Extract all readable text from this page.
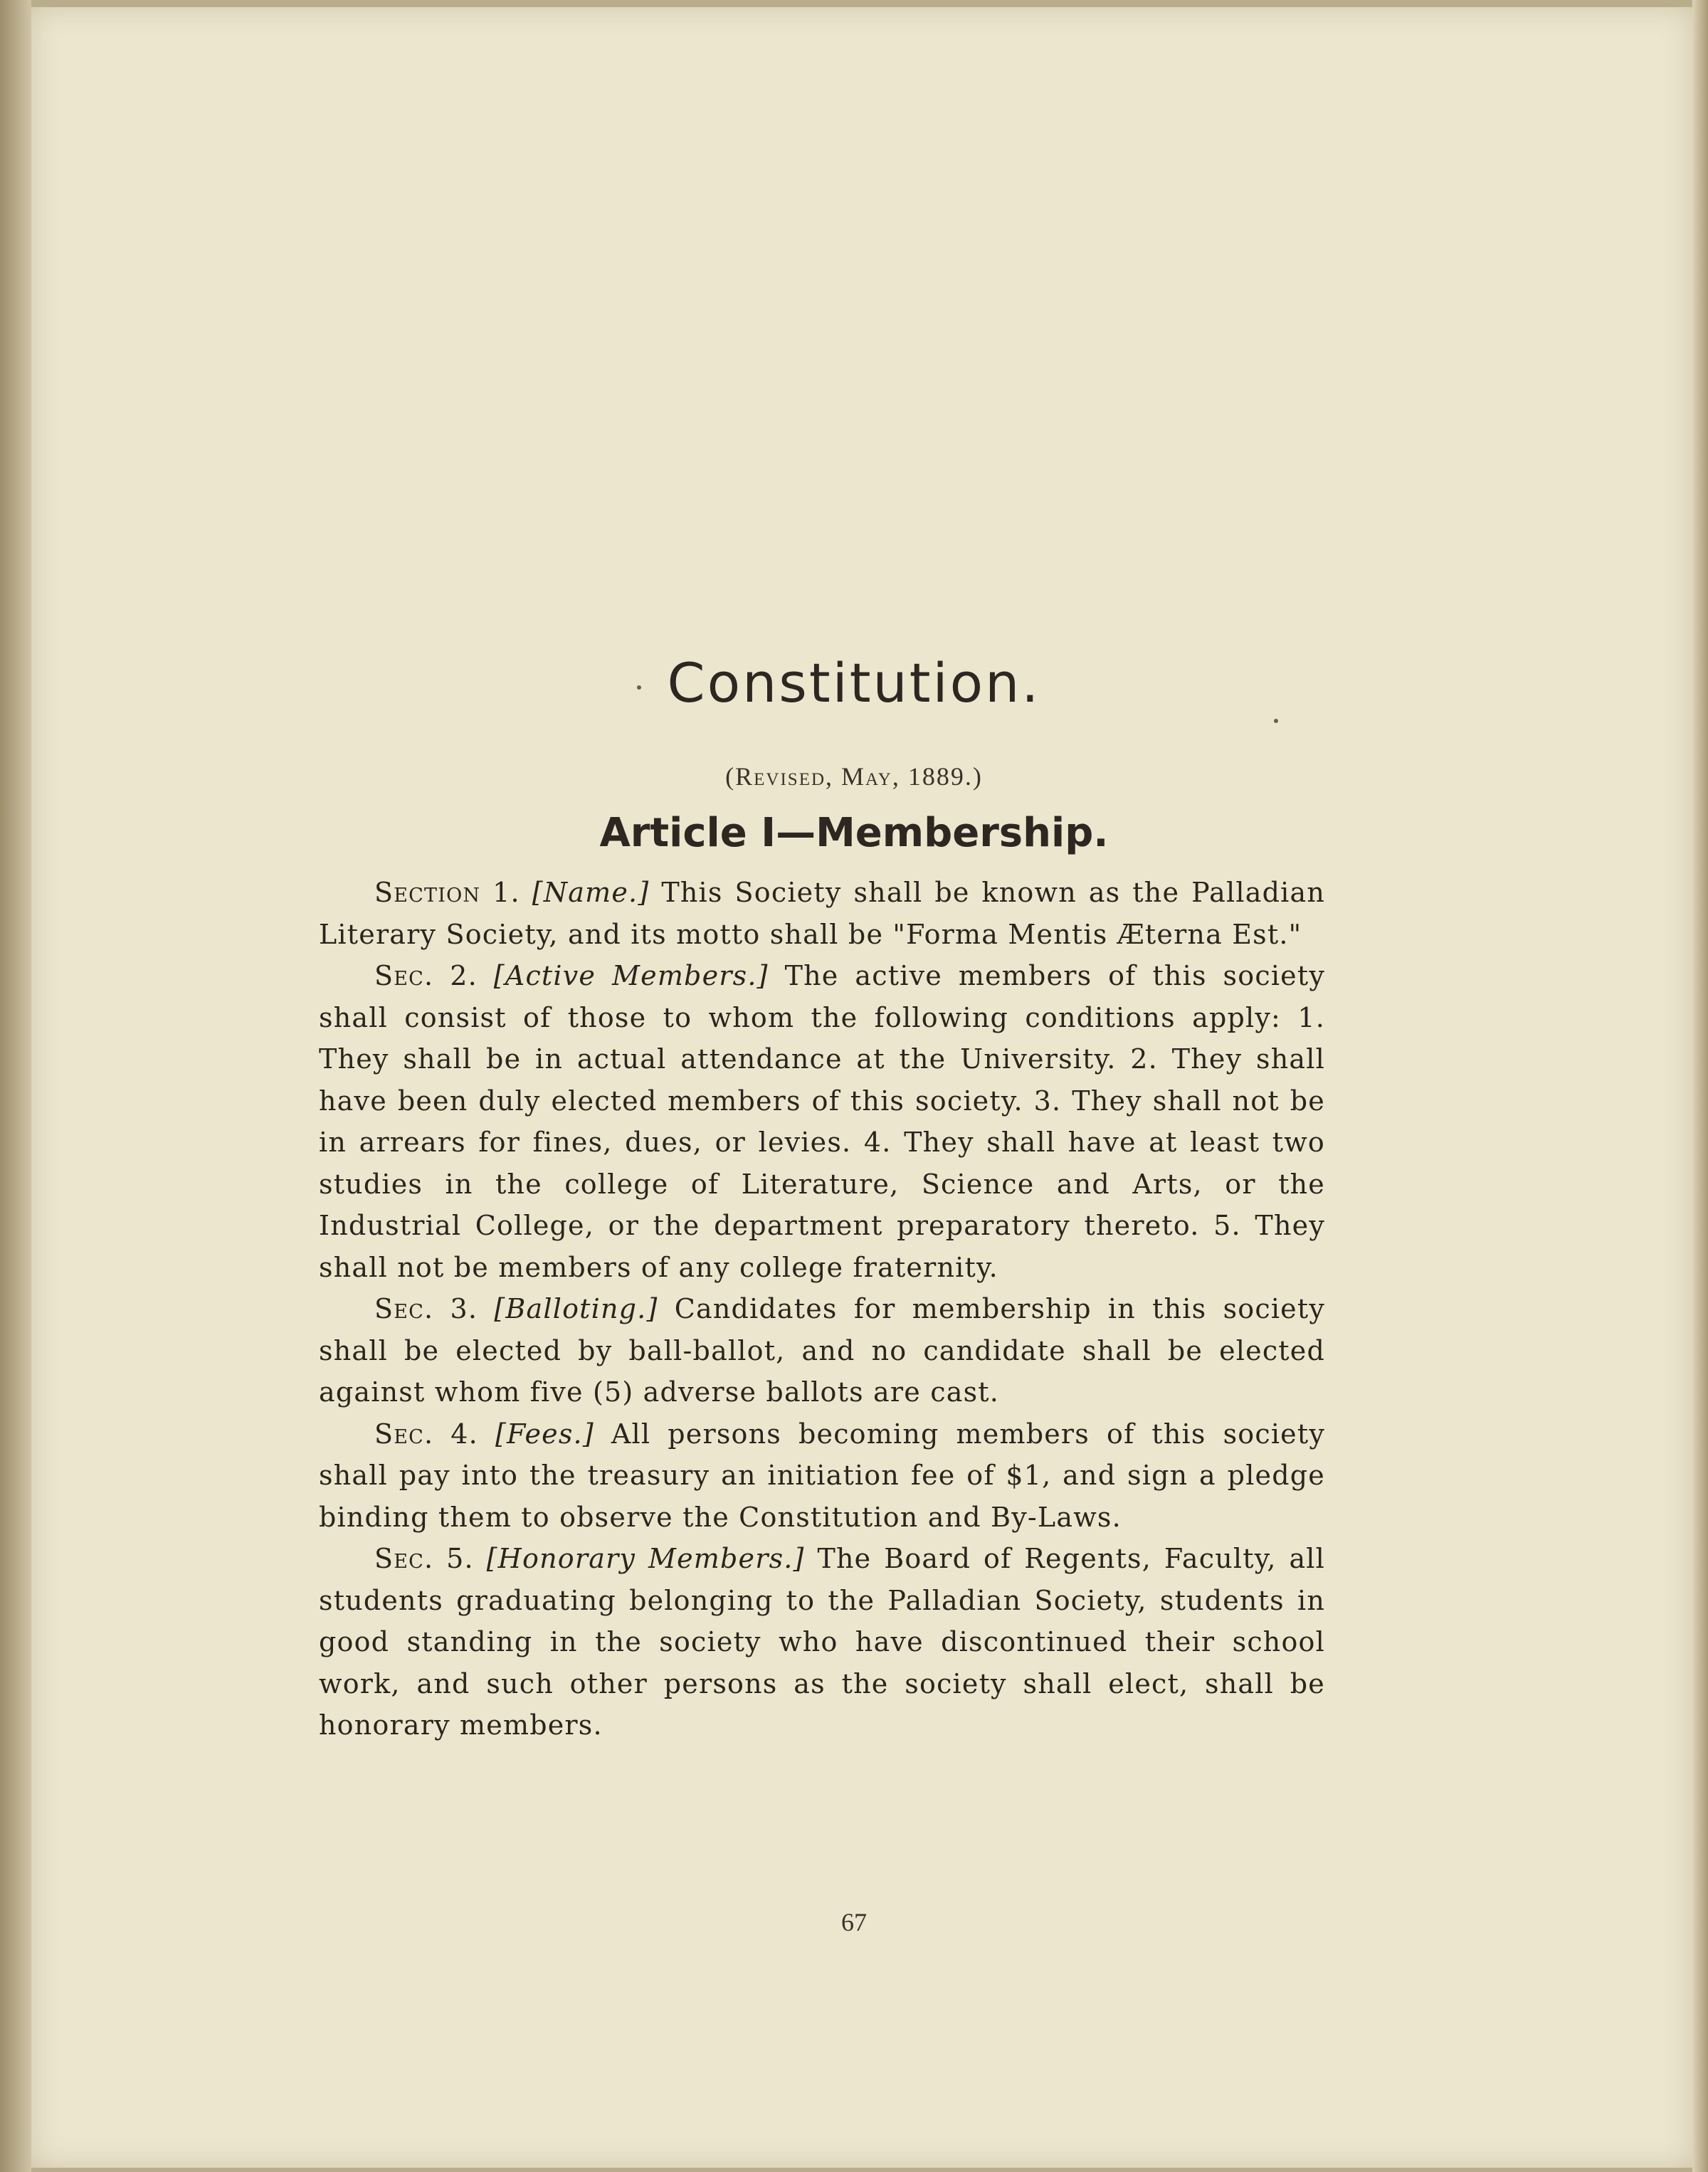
Constitution.
(Revised, May, 1889.)
Article I—Membership.

Section 1. [Name.] This Society shall be known as the Palladian Literary Society, and its motto shall be "Forma Mentis Æterna Est."

Sec. 2. [Active Members.] The active members of this society shall consist of those to whom the following conditions apply: 1. They shall be in actual attendance at the University. 2. They shall have been duly elected members of this society. 3. They shall not be in arrears for fines, dues, or levies. 4. They shall have at least two studies in the college of Literature, Science and Arts, or the Industrial College, or the department preparatory thereto. 5. They shall not be members of any college fraternity.

Sec. 3. [Balloting.] Candidates for membership in this society shall be elected by ball-ballot, and no candidate shall be elected against whom five (5) adverse ballots are cast.

Sec. 4. [Fees.] All persons becoming members of this society shall pay into the treasury an initiation fee of $1, and sign a pledge binding them to observe the Constitution and By-Laws.

Sec. 5. [Honorary Members.] The Board of Regents, Faculty, all students graduating belonging to the Palladian Society, students in good standing in the society who have discontinued their school work, and such other persons as the society shall elect, shall be honorary members.

67
